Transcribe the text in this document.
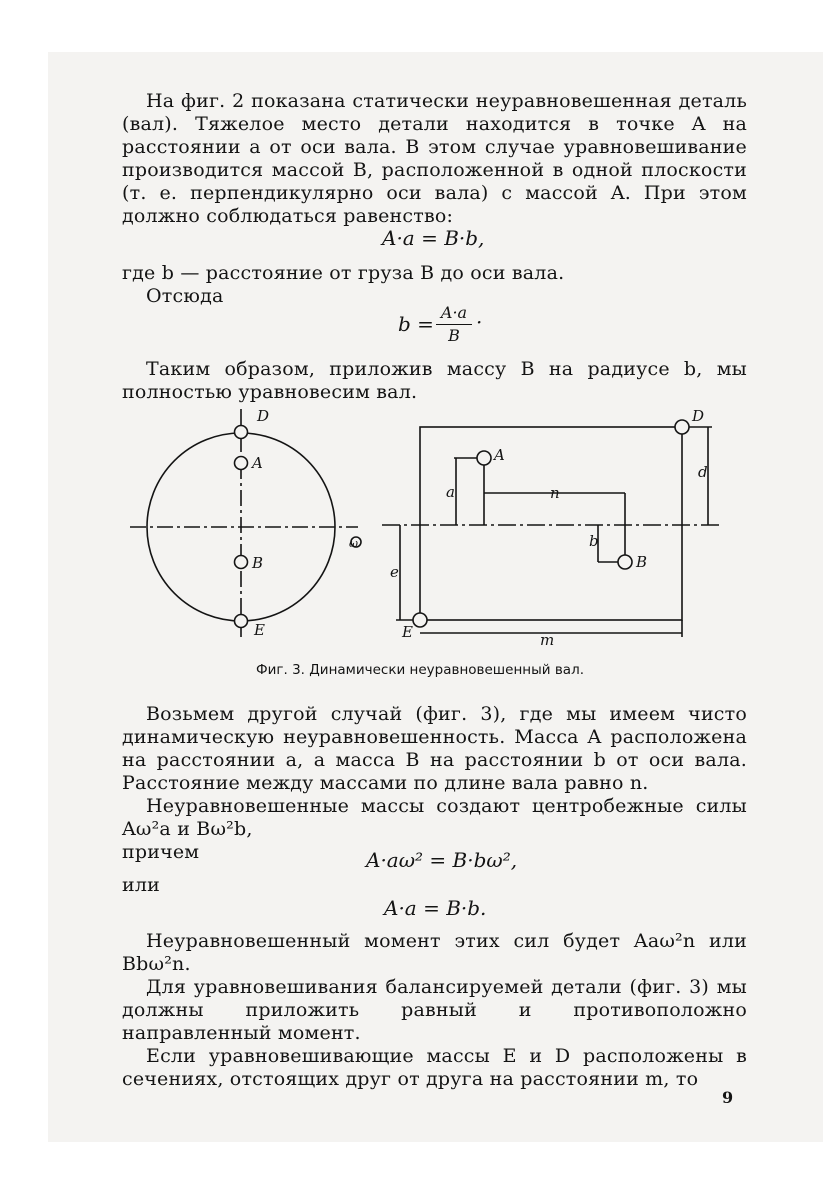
На фиг. 2 показана статически неуравновешенная деталь (вал). Тяжелое место детали находится в точке A на расстоянии a от оси вала. В этом случае уравновешивание производится массой B, расположенной в одной плоскости (т. е. перпендикулярно оси вала) с массой A. При этом должно соблюдаться равенство:

A·a = B·b,

где b — расстояние от груза B до оси вала.

Отсюда

b = A·a
B
·

Таким образом, приложив массу B на радиусе b, мы полностью уравновесим вал.

D
A
B
E
D
A
B
E
n
a
b
d
e
m
ω
Фиг. 3. Динамически неуравновешенный вал.

Возьмем другой случай (фиг. 3), где мы имеем чисто динамическую неуравновешенность. Масса A расположена на расстоянии a, а масса B на расстоянии b от оси вала. Расстояние между массами по длине вала равно n.

Неуравновешенные массы создают центробежные силы Aω²a и Bω²b,

причем	A·aω² = B·bω²,

или

A·a = B·b.

Неуравновешенный момент этих сил будет Aaω²n или Bbω²n.

Для уравновешивания балансируемей детали (фиг. 3) мы должны приложить равный и противоположно направленный момент.

Если уравновешивающие массы E и D расположены в сечениях, отстоящих друг от друга на расстоянии m, то

9
